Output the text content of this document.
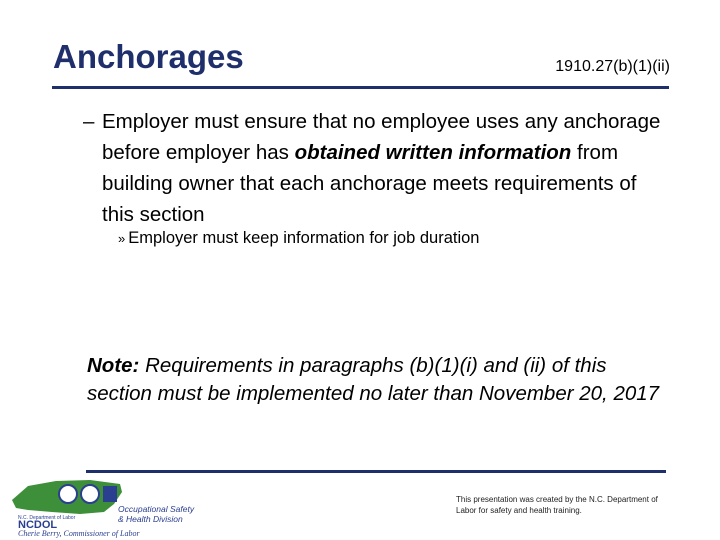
Anchorages	1910.27(b)(1)(ii)
– Employer must ensure that no employee uses any anchorage before employer has obtained written information from building owner that each anchorage meets requirements of this section
» Employer must keep information for job duration
Note: Requirements in paragraphs (b)(1)(i) and (ii) of this section must be implemented no later than November 20, 2017
This presentation was created by the N.C. Department of Labor for safety and health training.
NCDOL
N.C. Department of Labor
Occupational Safety
& Health Division
Cherie Berry, Commissioner of Labor
